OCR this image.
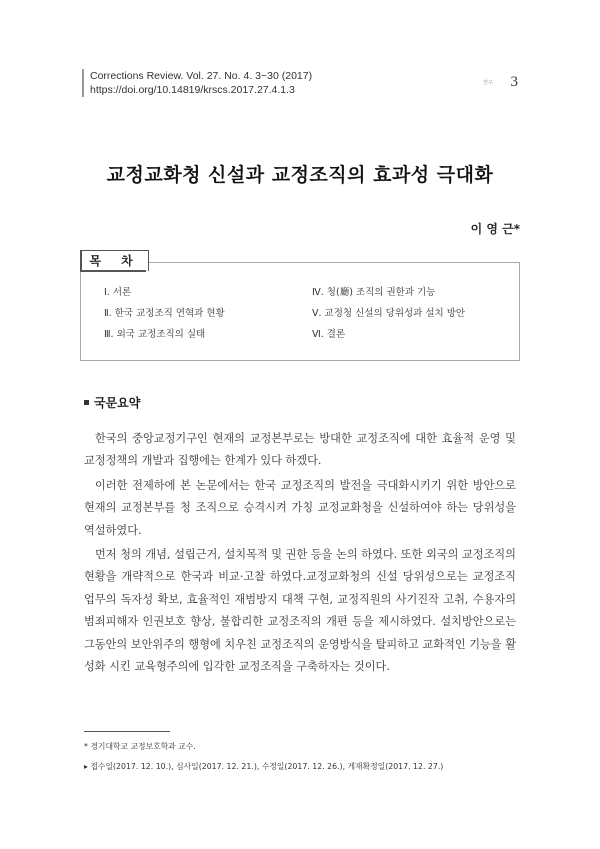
Corrections Review. Vol. 27. No. 4. 3~30 (2017)
https://doi.org/10.14819/krscs.2017.27.4.1.3
연구 3
교정교화청 신설과 교정조직의 효과성 극대화
이 영 근*
목 차
Ⅰ. 서론
Ⅱ. 한국 교정조직 연혁과 현황
Ⅲ. 외국 교정조직의 실태
Ⅳ. 청(廳) 조직의 권한과 기능
Ⅴ. 교정청 신설의 당위성과 설치 방안
Ⅵ. 결론
국문요약

한국의 중앙교정기구인 현재의 교정본부로는 방대한 교정조직에 대한 효율적 운영 및 교정정책의 개발과 집행에는 한계가 있다 하겠다.

이러한 전제하에 본 논문에서는 한국 교정조직의 발전을 극대화시키기 위한 방안으로 현재의 교정본부를 청 조직으로 승격시켜 가칭 교정교화청을 신설하여야 하는 당위성을 역설하였다.

먼저 청의 개념, 설립근거, 설치목적 및 권한 등을 논의 하였다. 또한 외국의 교정조직의 현황을 개략적으로 한국과 비교·고찰 하였다.교정교화청의 신설 당위성으로는 교정조직 업무의 독자성 확보, 효율적인 재범방지 대책 구현, 교정직원의 사기진작 고취, 수용자의 범죄피해자 인권보호 향상, 불합리한 교정조직의 개편 등을 제시하였다. 설치방안으로는 그동안의 보안위주의 행형에 치우친 교정조직의 운영방식을 탈피하고 교화적인 기능을 활성화 시킨 교육형주의에 입각한 교정조직을 구축하자는 것이다.

* 경기대학교 교정보호학과 교수.
▸ 접수일(2017. 12. 10.), 심사일(2017. 12. 21.), 수정일(2017. 12. 26.), 게재확정일(2017. 12. 27.)
